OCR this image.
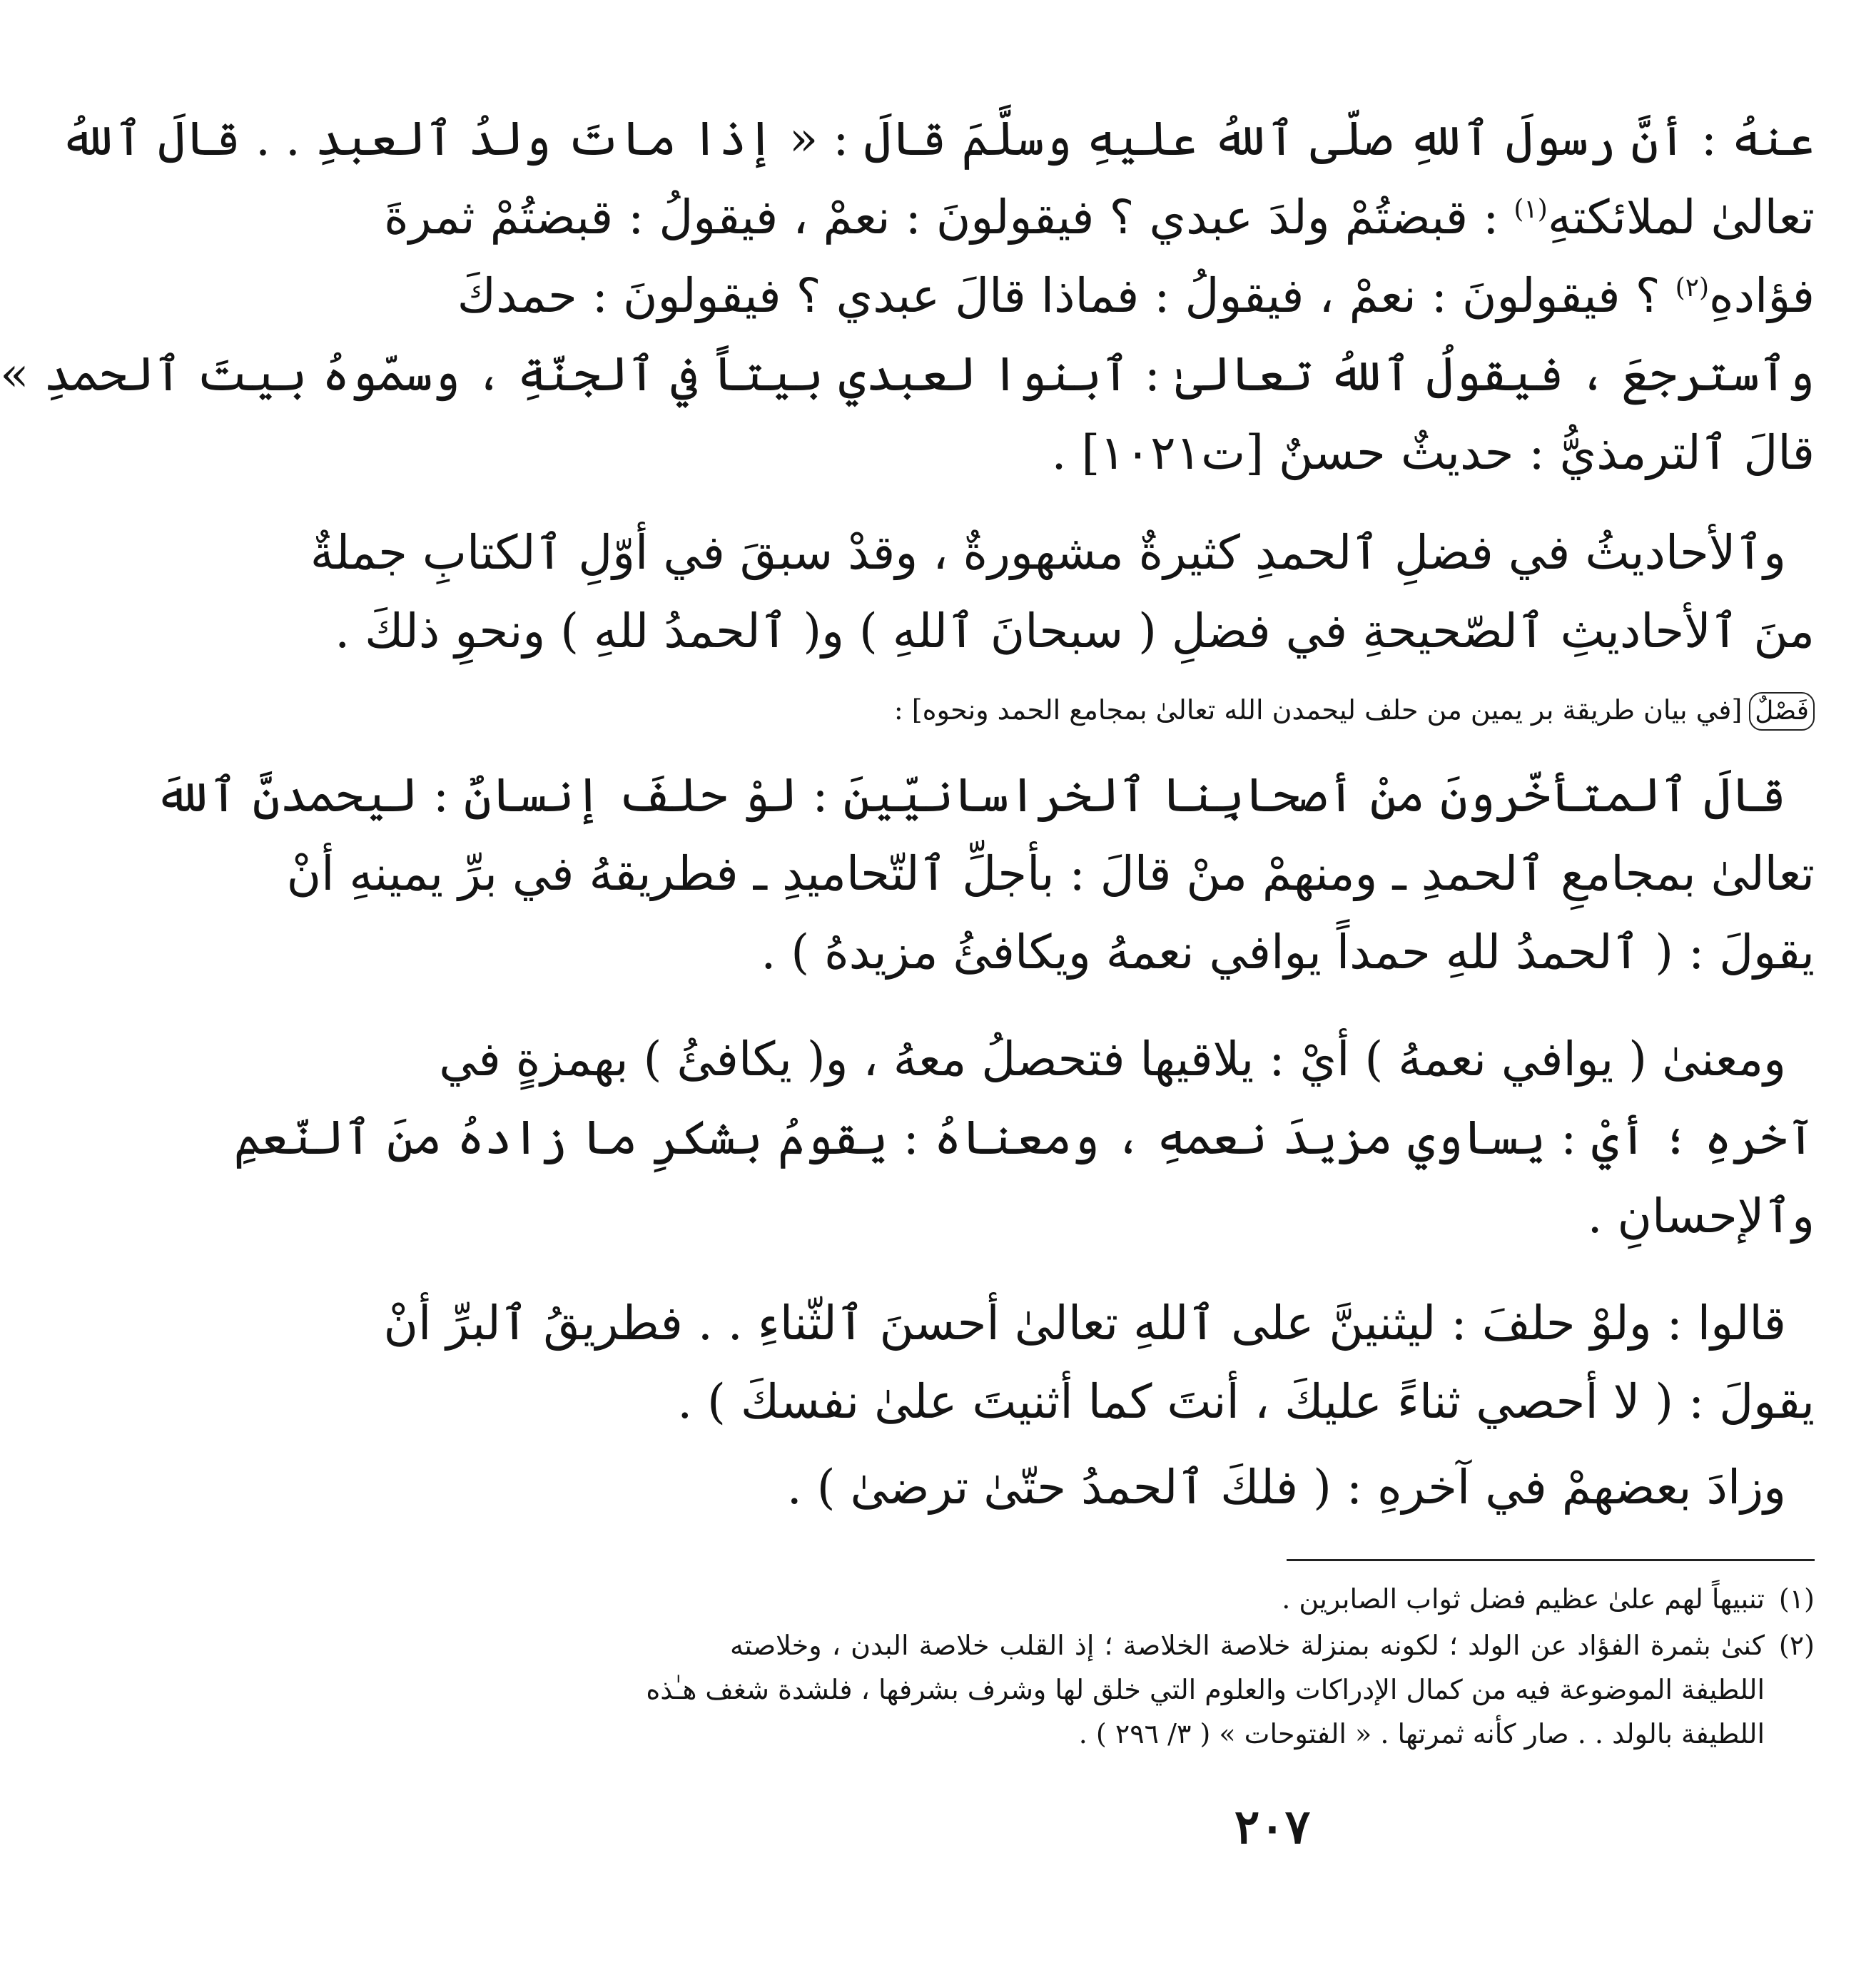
عنهُ : أنَّ رسولَ ٱللهِ صلّى ٱللهُ عليهِ وسلَّمَ قالَ : « إذا ماتَ ولدُ ٱلعبدِ . . قالَ ٱللهُ
تعالىٰ لملائكتهِ$^{(١)}$ : قبضتُمْ ولدَ عبدي ؟ فيقولونَ : نعمْ ، فيقولُ : قبضتُمْ ثمرةَ
فؤادهِ$^{(٢)}$ ؟ فيقولونَ : نعمْ ، فيقولُ : فماذا قالَ عبدي ؟ فيقولونَ : حمدكَ
وٱسترجعَ ، فيقولُ ٱللهُ تعالىٰ : ٱبنوا لعبدي بيتاً في ٱلجنّةِ ، وسمّوهُ بيتَ ٱلحمدِ »
قالَ ٱلترمذيُّ : حديثٌ حسنٌ [ت١٠٢١] .
وٱلأحاديثُ في فضلِ ٱلحمدِ كثيرةٌ مشهورةٌ ، وقدْ سبقَ في أوّلِ ٱلكتابِ جملةٌ
منَ ٱلأحاديثِ ٱلصّحيحةِ في فضلِ ( سبحانَ ٱللهِ ) و( ٱلحمدُ للهِ ) ونحوِ ذلكَ .
فَصْلٌ[في بيان طريقة بر يمين من حلف ليحمدن الله تعالىٰ بمجامع الحمد ونحوه] :
قالَ ٱلمتأخّرونَ منْ أصحابِنا ٱلخراسانيّينَ : لوْ حلفَ إنسانٌ : ليحمدنَّ ٱللهَ
تعالىٰ بمجامعِ ٱلحمدِ ـ ومنهمْ منْ قالَ : بأجلِّ ٱلتّحاميدِ ـ فطريقهُ في برِّ يمينهِ أنْ
يقولَ : ( ٱلحمدُ للهِ حمداً يوافي نعمهُ ويكافئُ مزيدهُ ) .
ومعنىٰ ( يوافي نعمهُ ) أيْ : يلاقيها فتحصلُ معهُ ، و( يكافئُ ) بهمزةٍ في
آخرهِ ؛ أيْ : يساوي مزيدَ نعمهِ ، ومعناهُ : يقومُ بشكرِ ما زادهُ منَ ٱلنّعمِ
وٱلإحسانِ .
قالوا : ولوْ حلفَ : ليثنينَّ على ٱللهِ تعالىٰ أحسنَ ٱلثّناءِ . . فطريقُ ٱلبرِّ أنْ
يقولَ : ( لا أحصي ثناءً عليكَ ، أنتَ كما أثنيتَ علىٰ نفسكَ ) .
وزادَ بعضهمْ في آخرهِ : ( فلكَ ٱلحمدُ حتّىٰ ترضىٰ ) .
(١)تنبيهاً لهم علىٰ عظيم فضل ثواب الصابرين .
(٢)كنىٰ بثمرة الفؤاد عن الولد ؛ لكونه بمنزلة خلاصة الخلاصة ؛ إذ القلب خلاصة البدن ، وخلاصته
اللطيفة الموضوعة فيه من كمال الإدراكات والعلوم التي خلق لها وشرف بشرفها ، فلشدة شغف هـٰذه
اللطيفة بالولد . . صار كأنه ثمرتها . « الفتوحات » ( ٣/ ٢٩٦ ) .
٢٠٧
